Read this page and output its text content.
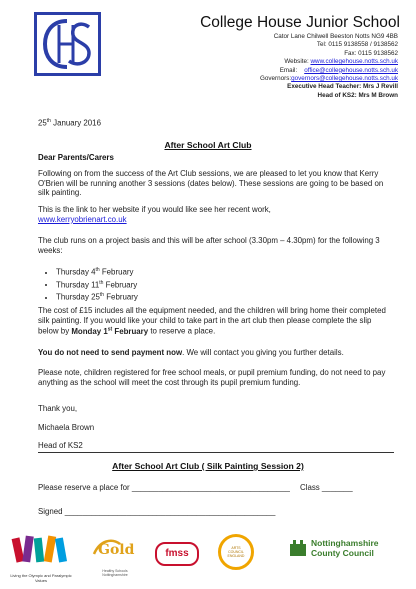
College House Junior School
Cator Lane Chilwell Beeston Notts NG9 4BB
Tel: 0115 9138558 / 9138562
Fax: 0115 9138562
Website: www.collegehouse.notts.sch.uk
Email: office@collegehouse.notts.sch.uk
Governors:governors@collegehouse.notts.sch.uk
Executive Head Teacher: Mrs J Revill
Head of KS2: Mrs M Brown
25th January 2016
After School Art Club
Dear Parents/Carers
Following on from the success of the Art Club sessions, we are pleased to let you know that Kerry O'Brien will be running another 3 sessions (dates below). These sessions are going to be based on silk painting.
This is the link to her website if you would like see her recent work,
www.kerryobrienart.co.uk
The club runs on a project basis and this will be after school (3.30pm – 4.30pm) for the following 3 weeks:
• Thursday 4th February
• Thursday 11th February
• Thursday 25th February
The cost of £15 includes all the equipment needed, and the children will bring home their completed silk painting. If you would like your child to take part in the art club then please complete the slip below by Monday 1st February to reserve a place.
You do not need to send payment now. We will contact you giving you further details.
Please note, children registered for free school meals, or pupil premium funding, do not need to pay anything as the school will meet the cost through its pupil premium funding.
Thank you,
Michaela Brown
Head of KS2
After School Art Club ( Silk Painting Session 2)
Please reserve a place for ____________________________________	Class _______
Signed ________________________________________________
Living the Olympic and Paralympic Values
Gold
Healthy Schools Nottinghamshire
fmss	ARTS COUNCIL ENGLAND
Nottinghamshire
County Council
